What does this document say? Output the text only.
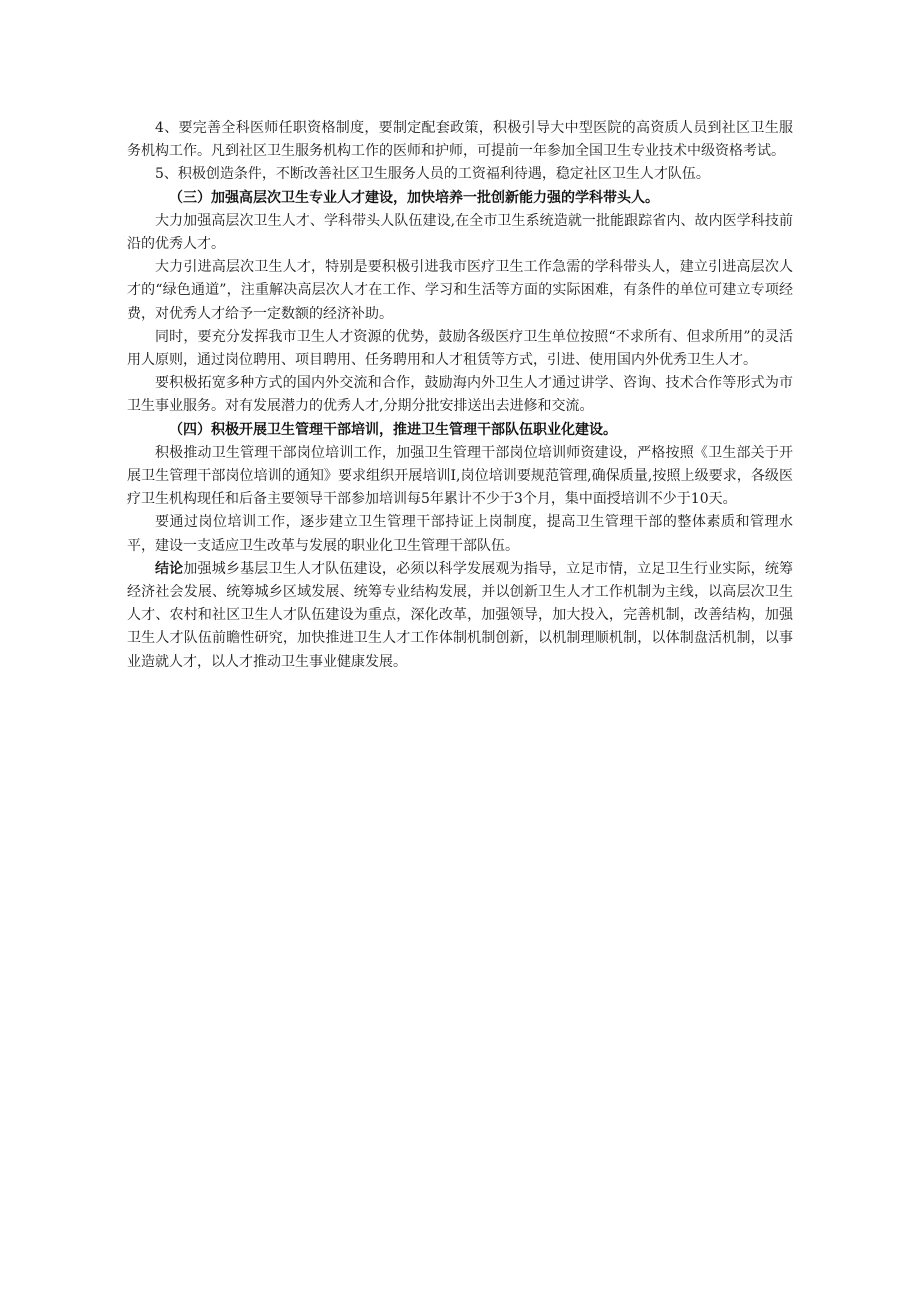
4、要完善全科医师任职资格制度，要制定配套政策，积极引导大中型医院的高资质人员到社区卫生服务机构工作。凡到社区卫生服务机构工作的医师和护师，可提前一年参加全国卫生专业技术中级资格考试。

5、积极创造条件，不断改善社区卫生服务人员的工资福利待遇，稳定社区卫生人才队伍。

（三）加强高层次卫生专业人才建设，加快培养一批创新能力强的学科带头人。

大力加强高层次卫生人才、学科带头人队伍建设,在全市卫生系统造就一批能跟踪省内、故内医学科技前沿的优秀人才。

大力引进高层次卫生人才，特别是要积极引进我市医疗卫生工作急需的学科带头人，建立引进高层次人才的“绿色通道”，注重解决高层次人才在工作、学习和生活等方面的实际困难，有条件的单位可建立专项经费，对优秀人才给予一定数额的经济补助。

同时，要充分发挥我市卫生人才资源的优势，鼓励各级医疗卫生单位按照“不求所有、但求所用”的灵活用人原则，通过岗位聘用、项目聘用、任务聘用和人才租赁等方式，引进、使用国内外优秀卫生人才。

要积极拓宽多种方式的国内外交流和合作，鼓励海内外卫生人才通过讲学、咨询、技术合作等形式为市卫生事业服务。对有发展潜力的优秀人才,分期分批安排送出去进修和交流。

（四）积极开展卫生管理干部培训，推进卫生管理干部队伍职业化建设。

积极推动卫生管理干部岗位培训工作，加强卫生管理干部岗位培训师资建设，严格按照《卫生部关于开展卫生管理干部岗位培训的通知》要求组织开展培训Ⅰ,岗位培训要规范管理,确保质量,按照上级要求，各级医疗卫生机构现任和后备主要领导干部参加培训每5年累计不少于3个月，集中面授培训不少于10天。

要通过岗位培训工作，逐步建立卫生管理干部持证上岗制度，提高卫生管理干部的整体素质和管理水平，建设一支适应卫生改革与发展的职业化卫生管理干部队伍。

结论加强城乡基层卫生人才队伍建设，必须以科学发展观为指导，立足市情，立足卫生行业实际，统筹经济社会发展、统筹城乡区域发展、统筹专业结构发展，并以创新卫生人才工作机制为主线，以高层次卫生人才、农村和社区卫生人才队伍建设为重点，深化改革，加强领导，加大投入，完善机制，改善结构，加强卫生人才队伍前瞻性研究，加快推进卫生人才工作体制机制创新，以机制理顺机制，以体制盘活机制，以事业造就人才，以人才推动卫生事业健康发展。
